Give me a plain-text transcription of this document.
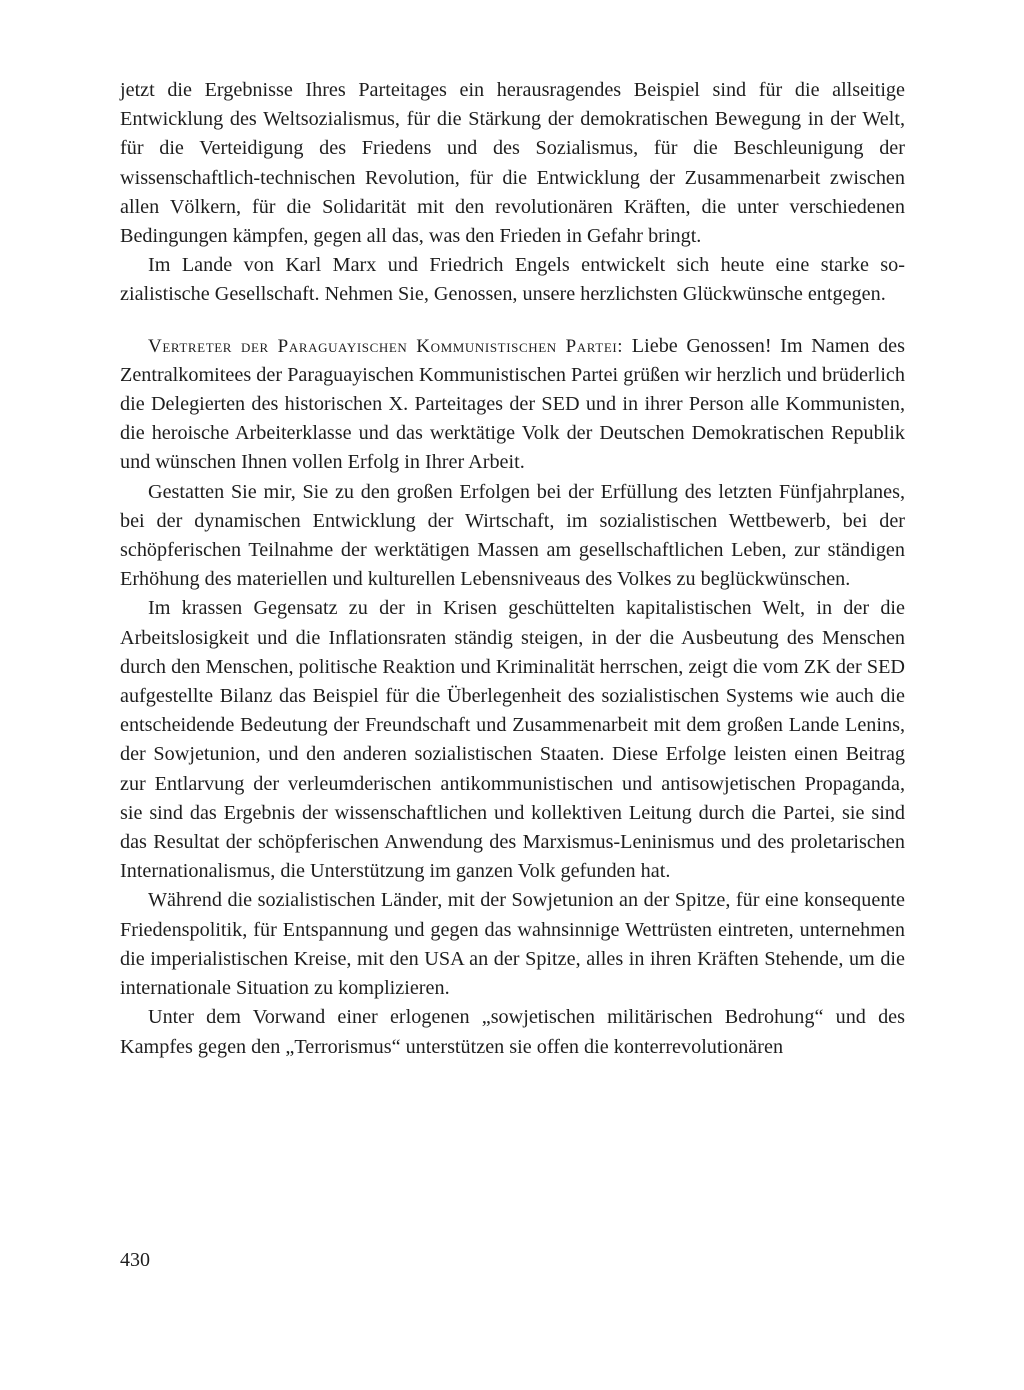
jetzt die Ergebnisse Ihres Parteitages ein herausragendes Beispiel sind für die allseitige Entwicklung des Weltsozialismus, für die Stärkung der demokratischen Bewegung in der Welt, für die Verteidigung des Friedens und des Sozialismus, für die Beschleunigung der wissenschaftlich-technischen Revolution, für die Entwicklung der Zusammenarbeit zwischen allen Völkern, für die Solidarität mit den revolutionären Kräften, die unter verschiedenen Bedingungen kämpfen, gegen all das, was den Frieden in Gefahr bringt.

Im Lande von Karl Marx und Friedrich Engels entwickelt sich heute eine starke sozialistische Gesellschaft. Nehmen Sie, Genossen, unsere herzlichsten Glückwünsche entgegen.

Vertreter der Paraguayischen Kommunistischen Partei: Liebe Genossen! Im Namen des Zentralkomitees der Paraguayischen Kommunistischen Partei grüßen wir herzlich und brüderlich die Delegierten des historischen X. Parteitages der SED und in ihrer Person alle Kommunisten, die heroische Arbeiterklasse und das werktätige Volk der Deutschen Demokratischen Republik und wünschen Ihnen vollen Erfolg in Ihrer Arbeit.

Gestatten Sie mir, Sie zu den großen Erfolgen bei der Erfüllung des letzten Fünfjahrplanes, bei der dynamischen Entwicklung der Wirtschaft, im sozialistischen Wettbewerb, bei der schöpferischen Teilnahme der werktätigen Massen am gesellschaftlichen Leben, zur ständigen Erhöhung des materiellen und kulturellen Lebensniveaus des Volkes zu beglückwünschen.

Im krassen Gegensatz zu der in Krisen geschüttelten kapitalistischen Welt, in der die Arbeitslosigkeit und die Inflationsraten ständig steigen, in der die Ausbeutung des Menschen durch den Menschen, politische Reaktion und Kriminalität herrschen, zeigt die vom ZK der SED aufgestellte Bilanz das Beispiel für die Überlegenheit des sozialistischen Systems wie auch die entscheidende Bedeutung der Freundschaft und Zusammenarbeit mit dem großen Lande Lenins, der Sowjetunion, und den anderen sozialistischen Staaten. Diese Erfolge leisten einen Beitrag zur Entlarvung der verleumderischen antikommunistischen und antisowjetischen Propaganda, sie sind das Ergebnis der wissenschaftlichen und kollektiven Leitung durch die Partei, sie sind das Resultat der schöpferischen Anwendung des Marxismus-Leninismus und des proletarischen Internationalismus, die Unterstützung im ganzen Volk gefunden hat.

Während die sozialistischen Länder, mit der Sowjetunion an der Spitze, für eine konsequente Friedenspolitik, für Entspannung und gegen das wahnsinnige Wettrüsten eintreten, unternehmen die imperialistischen Kreise, mit den USA an der Spitze, alles in ihren Kräften Stehende, um die internationale Situation zu komplizieren.

Unter dem Vorwand einer erlogenen „sowjetischen militärischen Bedrohung“ und des Kampfes gegen den „Terrorismus“ unterstützen sie offen die konterrevolutionären

430
